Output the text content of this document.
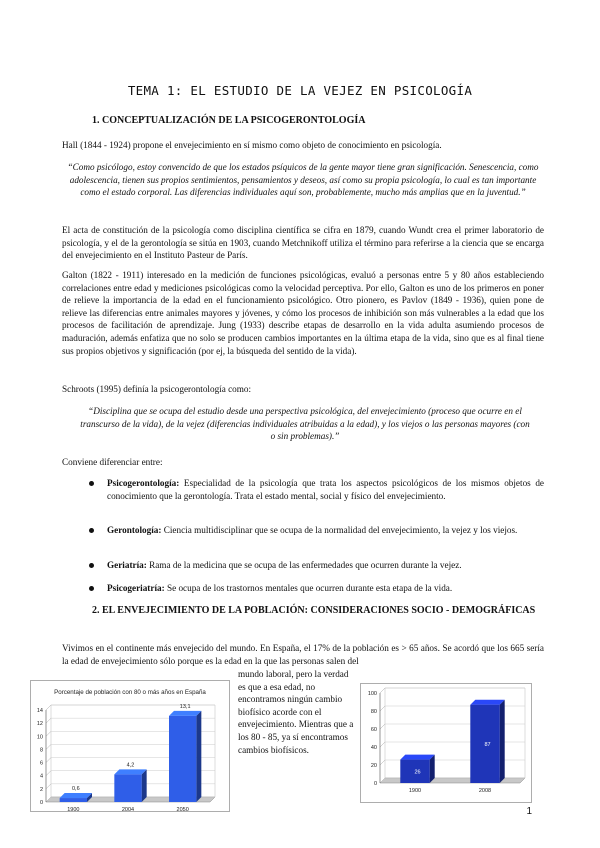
TEMA 1: EL ESTUDIO DE LA VEJEZ EN PSICOLOGÍA
1. CONCEPTUALIZACIÓN DE LA PSICOGERONTOLOGÍA
Hall (1844 - 1924) propone el envejecimiento en sí mismo como objeto de conocimiento en psicología.
“Como psicólogo, estoy convencido de que los estados psíquicos de la gente mayor tiene gran significación. Senescencia, como adolescencia, tienen sus propios sentimientos, pensamientos y deseos, así como su propia psicología, lo cual es tan importante como el estado corporal. Las diferencias individuales aquí son, probablemente, mucho más amplias que en la juventud.”
El acta de constitución de la psicología como disciplina científica se cifra en 1879, cuando Wundt crea el primer laboratorio de psicología, y el de la gerontología se sitúa en 1903, cuando Metchnikoff utiliza el término para referirse a la ciencia que se encarga del envejecimiento en el Instituto Pasteur de París.
Galton (1822 - 1911) interesado en la medición de funciones psicológicas, evaluó a personas entre 5 y 80 años estableciendo correlaciones entre edad y mediciones psicológicas como la velocidad perceptiva. Por ello, Galton es uno de los primeros en poner de relieve la importancia de la edad en el funcionamiento psicológico. Otro pionero, es Pavlov (1849 - 1936), quien pone de relieve las diferencias entre animales mayores y jóvenes, y cómo los procesos de inhibición son más vulnerables a la edad que los procesos de facilitación de aprendizaje. Jung (1933) describe etapas de desarrollo en la vida adulta asumiendo procesos de maduración, además enfatiza que no solo se producen cambios importantes en la última etapa de la vida, sino que es al final tiene sus propios objetivos y significación (por ej, la búsqueda del sentido de la vida).
Schroots (1995) definía la psicogerontología como:
“Disciplina que se ocupa del estudio desde una perspectiva psicológica, del envejecimiento (proceso que ocurre en el transcurso de la vida), de la vejez (diferencias individuales atribuidas a la edad), y los viejos o las personas mayores (con o sin problemas).”
Conviene diferenciar entre:
Psicogerontología: Especialidad de la psicología que trata los aspectos psicológicos de los mismos objetos de conocimiento que la gerontología. Trata el estado mental, social y físico del envejecimiento.
Gerontología: Ciencia multidisciplinar que se ocupa de la normalidad del envejecimiento, la vejez y los viejos.
Geriatría: Rama de la medicina que se ocupa de las enfermedades que ocurren durante la vejez.
Psicogeriatría: Se ocupa de los trastornos mentales que ocurren durante esta etapa de la vida.
2. EL ENVEJECIMIENTO DE LA POBLACIÓN: CONSIDERACIONES SOCIO - DEMOGRÁFICAS
Vivimos en el continente más envejecido del mundo. En España, el 17% de la población es > 65 años. Se acordó que los 665 sería la edad de envejecimiento sólo porque es la edad en la que las personas salen del
mundo laboral, pero la verdad es que a esa edad, no encontramos ningún cambio biofísico acorde con el envejecimiento. Mientras que a los 80 - 85, ya sí encontramos cambios biofísicos.
Porcentaje de población con 80 o más años en España
0
2
4
6
8
10
12
14
0,6
1900
4,2
2004
13,1
2050
0
20
40
60
80
100
26
1900
87
2008
1
